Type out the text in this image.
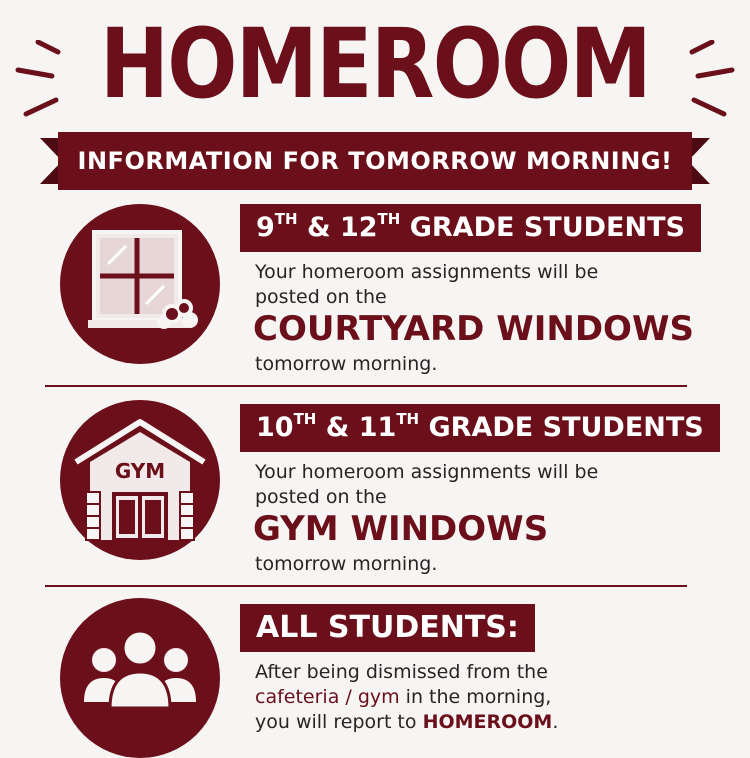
HOMEROOM
INFORMATION FOR TOMORROW MORNING!
9TH & 12TH GRADE STUDENTS
Your homeroom assignments will be
posted on the
COURTYARD WINDOWS
tomorrow morning.
GYM
10TH & 11TH GRADE STUDENTS
Your homeroom assignments will be
posted on the
GYM WINDOWS
tomorrow morning.
ALL STUDENTS:
After being dismissed from the
cafeteria / gym in the morning,
you will report to HOMEROOM.
